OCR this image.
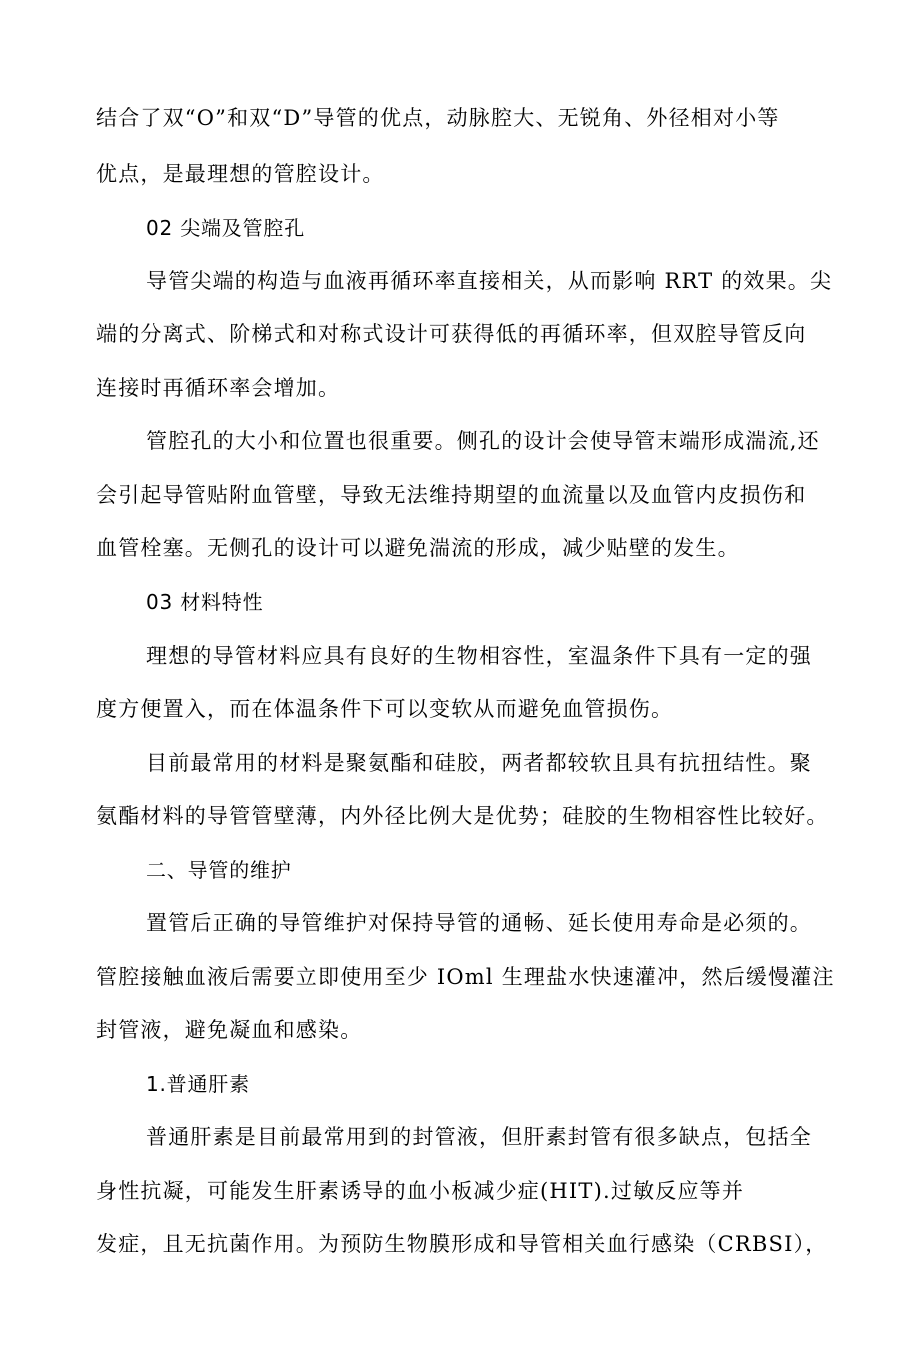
结合了双“O”和双“D”导管的优点，动脉腔大、无锐角、外径相对小等
优点，是最理想的管腔设计。
02 尖端及管腔孔
导管尖端的构造与血液再循环率直接相关，从而影响 RRT 的效果。尖
端的分离式、阶梯式和对称式设计可获得低的再循环率，但双腔导管反向
连接时再循环率会增加。
管腔孔的大小和位置也很重要。侧孔的设计会使导管末端形成湍流,还
会引起导管贴附血管壁，导致无法维持期望的血流量以及血管内皮损伤和
血管栓塞。无侧孔的设计可以避免湍流的形成，减少贴壁的发生。
03 材料特性
理想的导管材料应具有良好的生物相容性，室温条件下具有一定的强
度方便置入，而在体温条件下可以变软从而避免血管损伤。
目前最常用的材料是聚氨酯和硅胶，两者都较软且具有抗扭结性。聚
氨酯材料的导管管壁薄，内外径比例大是优势；硅胶的生物相容性比较好。
二、导管的维护
置管后正确的导管维护对保持导管的通畅、延长使用寿命是必须的。
管腔接触血液后需要立即使用至少 IOml 生理盐水快速灌冲，然后缓慢灌注
封管液，避免凝血和感染。
1.普通肝素
普通肝素是目前最常用到的封管液，但肝素封管有很多缺点，包括全
身性抗凝，可能发生肝素诱导的血小板减少症(HIT).过敏反应等并
发症，且无抗菌作用。为预防生物膜形成和导管相关血行感染（CRBSI），
